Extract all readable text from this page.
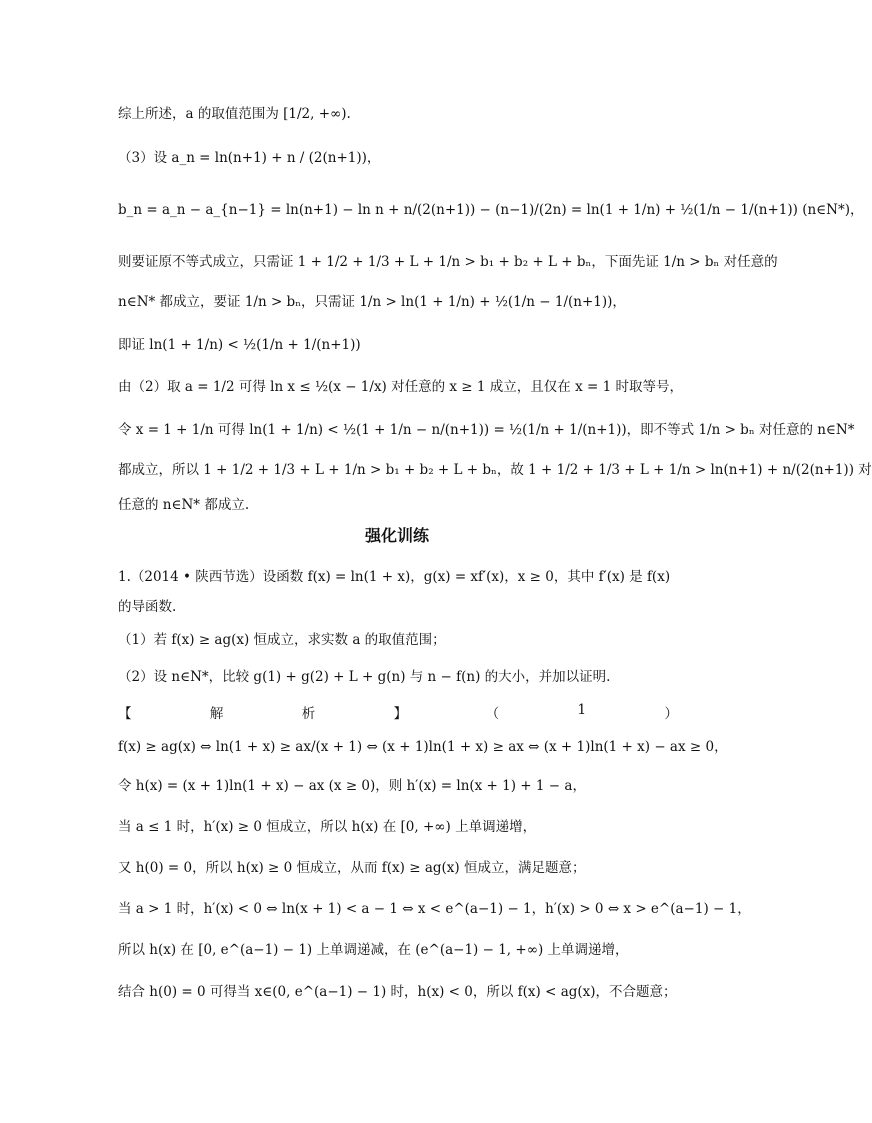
综上所述，a 的取值范围为 [1/2, +∞).
（3）设 a_n = ln(n+1) + n / (2(n+1))，
b_n = a_n − a_{n−1} = ln(n+1) − ln n + n/(2(n+1)) − (n−1)/(2n) = ln(1 + 1/n) + ½(1/n − 1/(n+1)) (n∈N*)，
则要证原不等式成立，只需证 1 + 1/2 + 1/3 + L + 1/n > b₁ + b₂ + L + bₙ，下面先证 1/n > bₙ 对任意的
n∈N* 都成立，要证 1/n > bₙ，只需证 1/n > ln(1 + 1/n) + ½(1/n − 1/(n+1))，
即证 ln(1 + 1/n) < ½(1/n + 1/(n+1))
由（2）取 a = 1/2 可得 ln x ≤ ½(x − 1/x) 对任意的 x ≥ 1 成立，且仅在 x = 1 时取等号，
令 x = 1 + 1/n 可得 ln(1 + 1/n) < ½(1 + 1/n − n/(n+1)) = ½(1/n + 1/(n+1))，即不等式 1/n > bₙ 对任意的 n∈N*
都成立，所以 1 + 1/2 + 1/3 + L + 1/n > b₁ + b₂ + L + bₙ，故 1 + 1/2 + 1/3 + L + 1/n > ln(n+1) + n/(2(n+1)) 对
任意的 n∈N* 都成立.
强化训练
1.（2014 • 陕西节选）设函数 f(x) = ln(1 + x)，g(x) = xf′(x)，x ≥ 0，其中 f′(x) 是 f(x)
的导函数.
（1）若 f(x) ≥ ag(x) 恒成立，求实数 a 的取值范围；
（2）设 n∈N*，比较 g(1) + g(2) + L + g(n) 与 n − f(n) 的大小，并加以证明.
【	解	析	】	（	1	）
f(x) ≥ ag(x) ⇔ ln(1 + x) ≥ ax/(x + 1) ⇔ (x + 1)ln(1 + x) ≥ ax ⇔ (x + 1)ln(1 + x) − ax ≥ 0，
令 h(x) = (x + 1)ln(1 + x) − ax (x ≥ 0)，则 h′(x) = ln(x + 1) + 1 − a，
当 a ≤ 1 时，h′(x) ≥ 0 恒成立，所以 h(x) 在 [0, +∞) 上单调递增，
又 h(0) = 0，所以 h(x) ≥ 0 恒成立，从而 f(x) ≥ ag(x) 恒成立，满足题意；
当 a > 1 时，h′(x) < 0 ⇔ ln(x + 1) < a − 1 ⇔ x < e^(a−1) − 1，h′(x) > 0 ⇔ x > e^(a−1) − 1，
所以 h(x) 在 [0, e^(a−1) − 1) 上单调递减，在 (e^(a−1) − 1, +∞) 上单调递增，
结合 h(0) = 0 可得当 x∈(0, e^(a−1) − 1) 时，h(x) < 0，所以 f(x) < ag(x)，不合题意；
